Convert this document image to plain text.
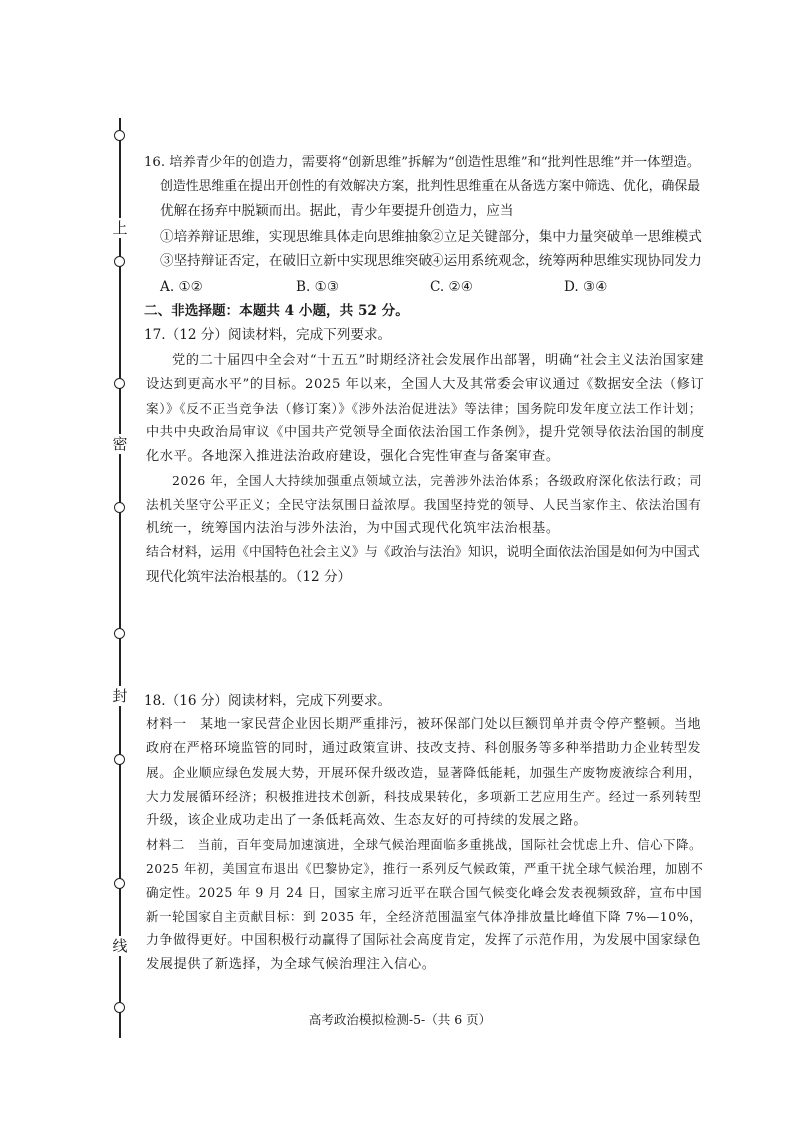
上
密
封
线
16. 培养青少年的创造力，需要将“创新思维”拆解为“创造性思维”和“批判性思维”并一体塑造。
创造性思维重在提出开创性的有效解决方案，批判性思维重在从备选方案中筛选、优化，确保最
优解在扬弃中脱颖而出。据此，青少年要提升创造力，应当
①培养辩证思维，实现思维具体走向思维抽象
②立足关键部分，集中力量突破单一思维模式
③坚持辩证否定，在破旧立新中实现思维突破
④运用系统观念，统筹两种思维实现协同发力
A. ①②	B. ①③	C. ②④	D. ③④
二、非选择题：本题共 4 小题，共 52 分。
17.（12 分）阅读材料，完成下列要求。
党的二十届四中全会对“十五五”时期经济社会发展作出部署，明确“社会主义法治国家建
设达到更高水平”的目标。2025 年以来，全国人大及其常委会审议通过《数据安全法（修订
案）》《反不正当竞争法（修订案）》《涉外法治促进法》等法律；国务院印发年度立法工作计划；
中共中央政治局审议《中国共产党领导全面依法治国工作条例》，提升党领导依法治国的制度
化水平。各地深入推进法治政府建设，强化合宪性审查与备案审查。
2026 年，全国人大持续加强重点领域立法，完善涉外法治体系；各级政府深化依法行政；司
法机关坚守公平正义；全民守法氛围日益浓厚。我国坚持党的领导、人民当家作主、依法治国有
机统一，统筹国内法治与涉外法治，为中国式现代化筑牢法治根基。
结合材料，运用《中国特色社会主义》与《政治与法治》知识，说明全面依法治国是如何为中国式
现代化筑牢法治根基的。（12 分）
18.（16 分）阅读材料，完成下列要求。
材料一　某地一家民营企业因长期严重排污，被环保部门处以巨额罚单并责令停产整顿。当地
政府在严格环境监管的同时，通过政策宣讲、技改支持、科创服务等多种举措助力企业转型发
展。企业顺应绿色发展大势，开展环保升级改造，显著降低能耗，加强生产废物废液综合利用，
大力发展循环经济；积极推进技术创新，科技成果转化，多项新工艺应用生产。经过一系列转型
升级，该企业成功走出了一条低耗高效、生态友好的可持续的发展之路。
材料二　当前，百年变局加速演进，全球气候治理面临多重挑战，国际社会忧虑上升、信心下降。
2025 年初，美国宣布退出《巴黎协定》，推行一系列反气候政策，严重干扰全球气候治理，加剧不
确定性。2025 年 9 月 24 日，国家主席习近平在联合国气候变化峰会发表视频致辞，宣布中国
新一轮国家自主贡献目标：到 2035 年，全经济范围温室气体净排放量比峰值下降 7%—10%，
力争做得更好。中国积极行动赢得了国际社会高度肯定，发挥了示范作用，为发展中国家绿色
发展提供了新选择，为全球气候治理注入信心。
高考政治模拟检测-5-（共 6 页）
